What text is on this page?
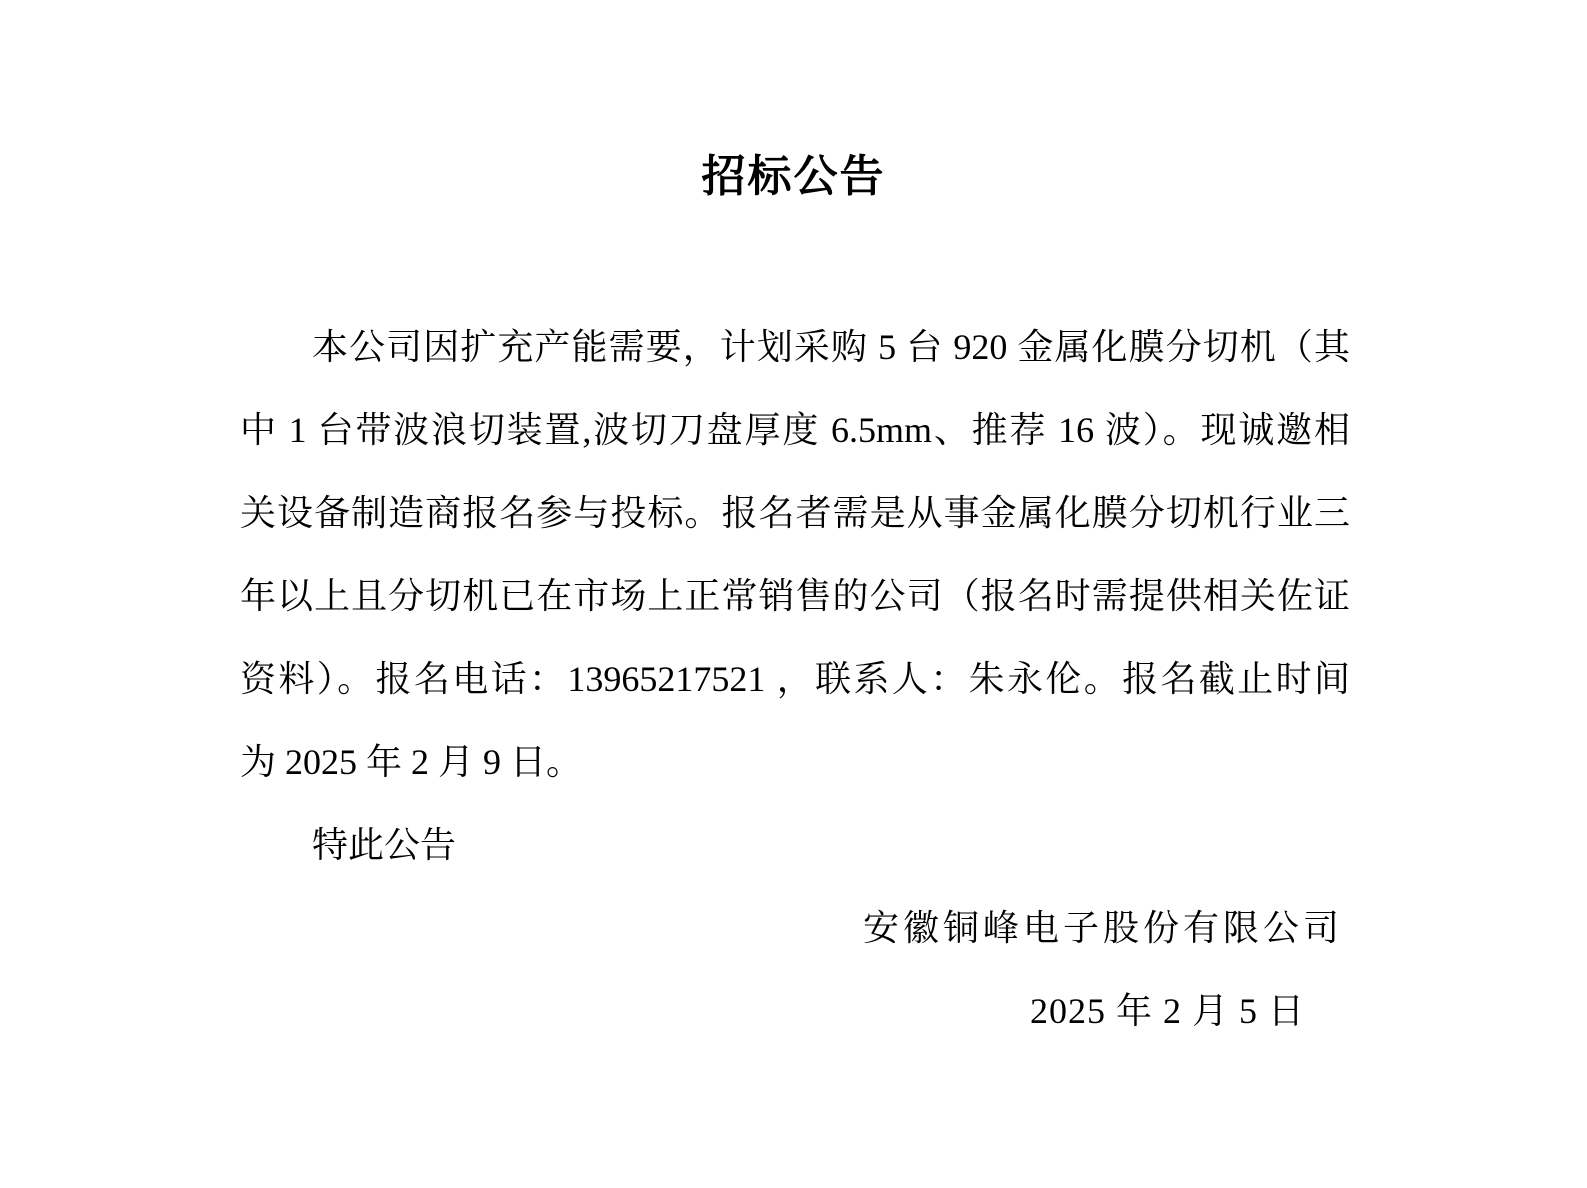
招标公告
本公司因扩充产能需要，计划采购 5 台 920 金属化膜分切机（其
中 1 台带波浪切装置,波切刀盘厚度 6.5mm、推荐 16 波）。现诚邀相
关设备制造商报名参与投标。报名者需是从事金属化膜分切机行业三
年以上且分切机已在市场上正常销售的公司（报名时需提供相关佐证
资料）。报名电话：13965217521 ，联系人：朱永伦。报名截止时间
为 2025 年 2 月 9 日。
特此公告
安徽铜峰电子股份有限公司
2025 年 2 月 5 日
